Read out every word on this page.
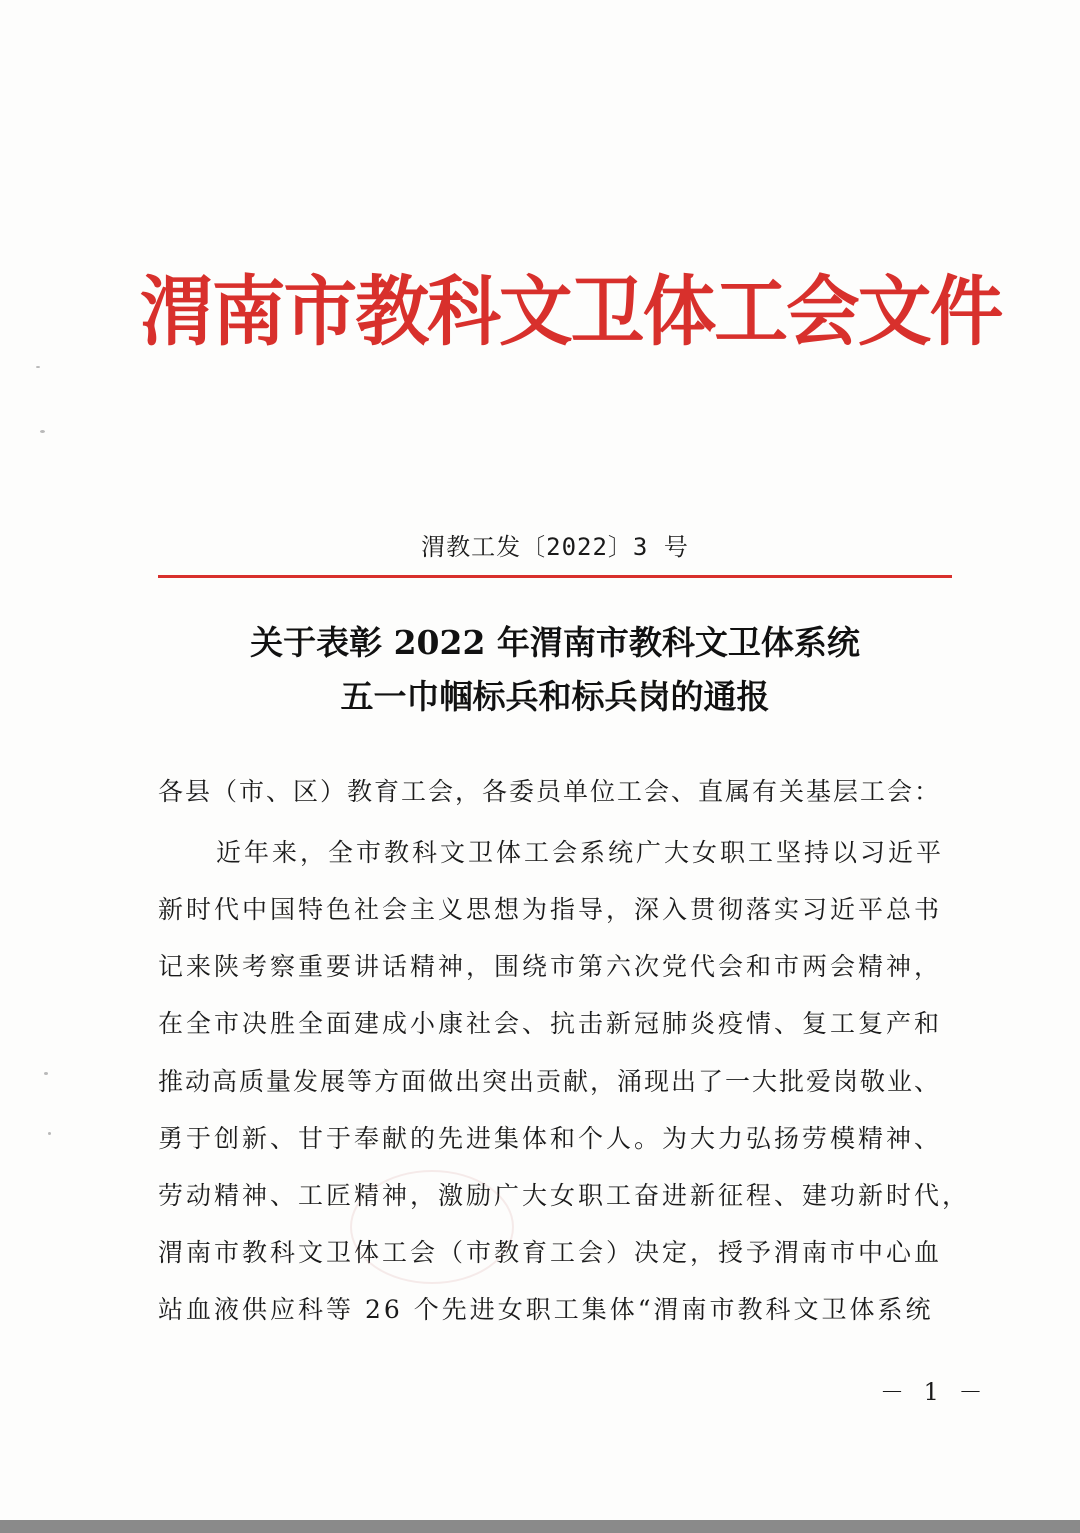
渭南市教科文卫体工会文件
渭教工发〔2022〕3 号
关于表彰 2022 年渭南市教科文卫体系统
五一巾帼标兵和标兵岗的通报
各县（市、区）教育工会，各委员单位工会、直属有关基层工会：
近年来，全市教科文卫体工会系统广大女职工坚持以习近平
新时代中国特色社会主义思想为指导，深入贯彻落实习近平总书
记来陕考察重要讲话精神，围绕市第六次党代会和市两会精神，
在全市决胜全面建成小康社会、抗击新冠肺炎疫情、复工复产和
推动高质量发展等方面做出突出贡献，涌现出了一大批爱岗敬业、
勇于创新、甘于奉献的先进集体和个人。为大力弘扬劳模精神、
劳动精神、工匠精神，激励广大女职工奋进新征程、建功新时代，
渭南市教科文卫体工会（市教育工会）决定，授予渭南市中心血
站血液供应科等 26 个先进女职工集体“渭南市教科文卫体系统
－ 1 －
